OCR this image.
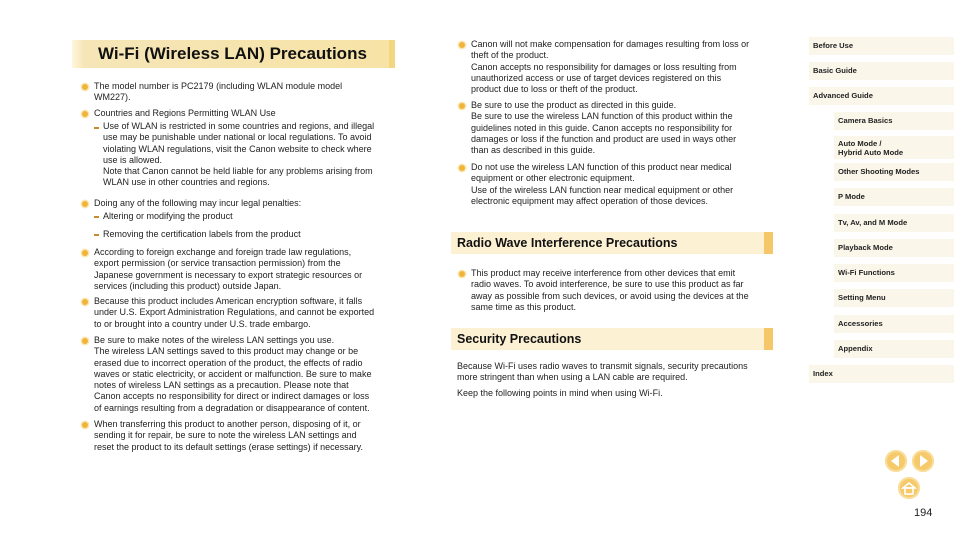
Wi-Fi (Wireless LAN) Precautions
The model number is PC2179 (including WLAN module model
WM227).
Countries and Regions Permitting WLAN Use
Use of WLAN is restricted in some countries and regions, and illegal
use may be punishable under national or local regulations. To avoid
violating WLAN regulations, visit the Canon website to check where
use is allowed.
Note that Canon cannot be held liable for any problems arising from
WLAN use in other countries and regions.
Doing any of the following may incur legal penalties:
Altering or modifying the product
Removing the certification labels from the product
According to foreign exchange and foreign trade law regulations,
export permission (or service transaction permission) from the
Japanese government is necessary to export strategic resources or
services (including this product) outside Japan.
Because this product includes American encryption software, it falls
under U.S. Export Administration Regulations, and cannot be exported
to or brought into a country under U.S. trade embargo.
Be sure to make notes of the wireless LAN settings you use.
The wireless LAN settings saved to this product may change or be
erased due to incorrect operation of the product, the effects of radio
waves or static electricity, or accident or malfunction. Be sure to make
notes of wireless LAN settings as a precaution. Please note that
Canon accepts no responsibility for direct or indirect damages or loss
of earnings resulting from a degradation or disappearance of content.
When transferring this product to another person, disposing of it, or
sending it for repair, be sure to note the wireless LAN settings and
reset the product to its default settings (erase settings) if necessary.
Canon will not make compensation for damages resulting from loss or
theft of the product.
Canon accepts no responsibility for damages or loss resulting from
unauthorized access or use of target devices registered on this
product due to loss or theft of the product.
Be sure to use the product as directed in this guide.
Be sure to use the wireless LAN function of this product within the
guidelines noted in this guide. Canon accepts no responsibility for
damages or loss if the function and product are used in ways other
than as described in this guide.
Do not use the wireless LAN function of this product near medical
equipment or other electronic equipment.
Use of the wireless LAN function near medical equipment or other
electronic equipment may affect operation of those devices.
Radio Wave Interference Precautions
This product may receive interference from other devices that emit
radio waves. To avoid interference, be sure to use this product as far
away as possible from such devices, or avoid using the devices at the
same time as this product.
Security Precautions
Because Wi-Fi uses radio waves to transmit signals, security precautions
more stringent than when using a LAN cable are required.
Keep the following points in mind when using Wi-Fi.
Before Use
Basic Guide
Advanced Guide
Camera Basics
Auto Mode /
Hybrid Auto Mode
Other Shooting Modes
P Mode
Tv, Av, and M Mode
Playback Mode
Wi-Fi Functions
Setting Menu
Accessories
Appendix
Index
194
